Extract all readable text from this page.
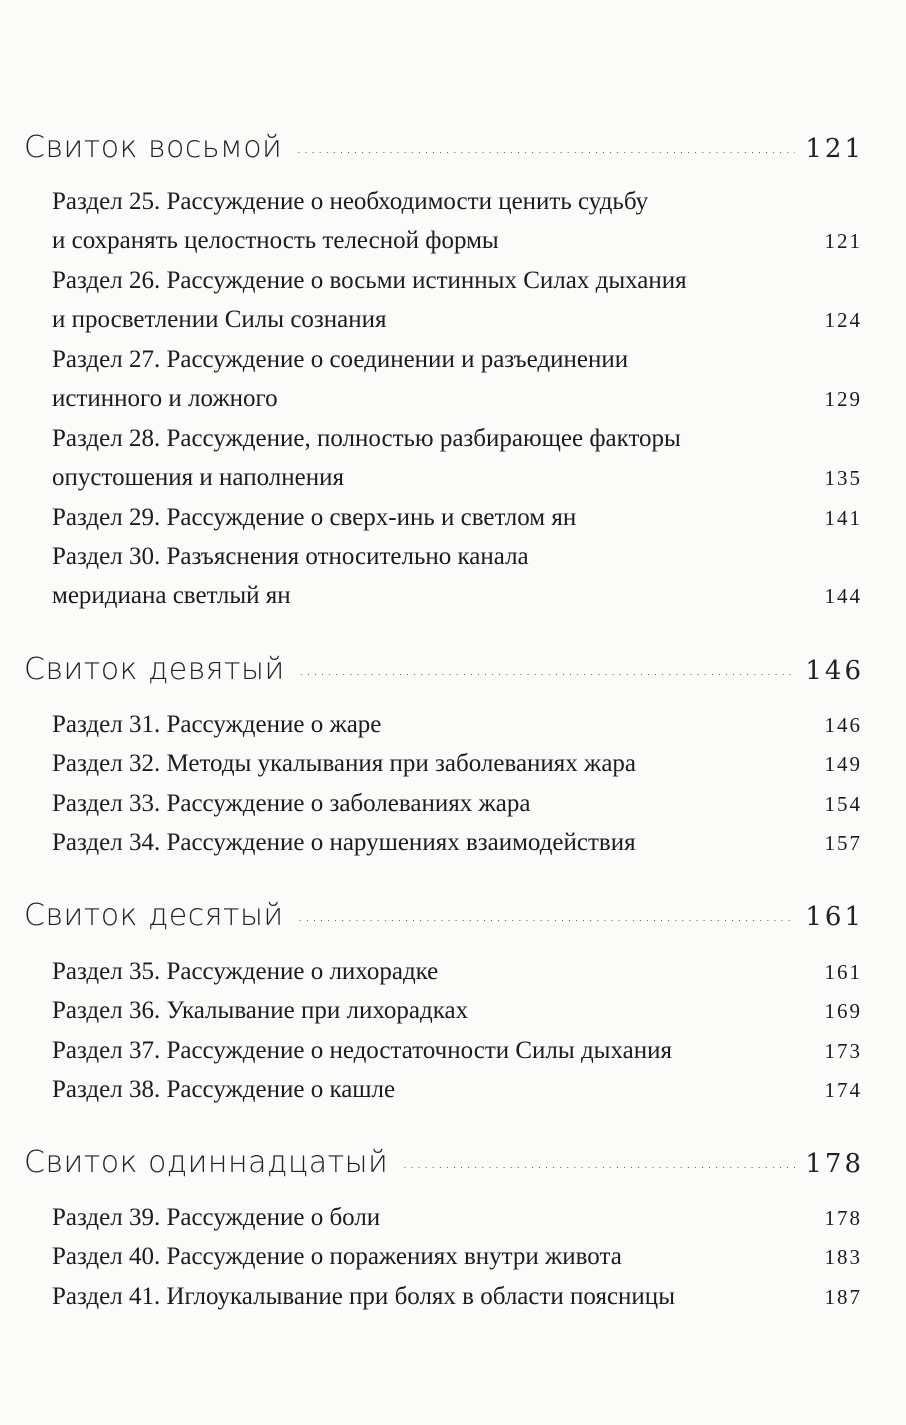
Свиток восьмой .....	121
Раздел 25. Рассуждение о необходимости ценить судьбу
и сохранять целостность телесной формы	121
Раздел 26. Рассуждение о восьми истинных Силах дыхания
и просветлении Силы сознания	124
Раздел 27. Рассуждение о соединении и разъединении
истинного и ложного	129
Раздел 28. Рассуждение, полностью разбирающее факторы
опустошения и наполнения	135
Раздел 29. Рассуждение о сверх-инь и светлом ян	141
Раздел 30. Разъяснения относительно канала
меридиана светлый ян	144
Свиток девятый .....	146
Раздел 31. Рассуждение о жаре	146
Раздел 32. Методы укалывания при заболеваниях жара	149
Раздел 33. Рассуждение о заболеваниях жара	154
Раздел 34. Рассуждение о нарушениях взаимодействия	157
Свиток десятый .....	161
Раздел 35. Рассуждение о лихорадке	161
Раздел 36. Укалывание при лихорадках	169
Раздел 37. Рассуждение о недостаточности Силы дыхания	173
Раздел 38. Рассуждение о кашле	174
Свиток одиннадцатый .....	178
Раздел 39. Рассуждение о боли	178
Раздел 40. Рассуждение о поражениях внутри живота	183
Раздел 41. Иглоукалывание при болях в области поясницы	187
